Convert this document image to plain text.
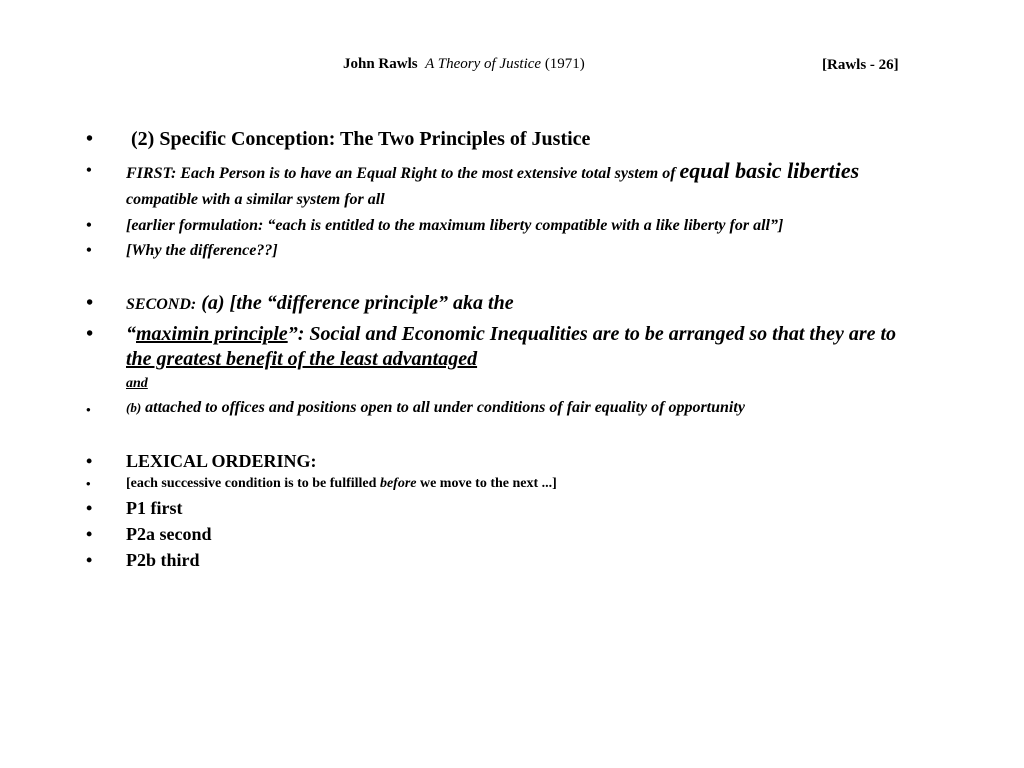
John Rawls A Theory of Justice (1971)	[Rawls - 26]
• (2) Specific Conception: The Two Principles of Justice
• FIRST: Each Person is to have an Equal Right to the most extensive total system of equal basic liberties compatible with a similar system for all
• [earlier formulation: “each is entitled to the maximum liberty compatible with a like liberty for all”]
• [Why the difference??]
• SECOND: (a) [the “difference principle” aka the
• “maximin principle”: Social and Economic Inequalities are to be arranged so that they are to the greatest benefit of the least advantaged
and
•	(b) attached to offices and positions open to all under conditions of fair equality of opportunity
• LEXICAL ORDERING:
•	[each successive condition is to be fulfilled before we move to the next ...]
• P1 first
• P2a second
• P2b third
